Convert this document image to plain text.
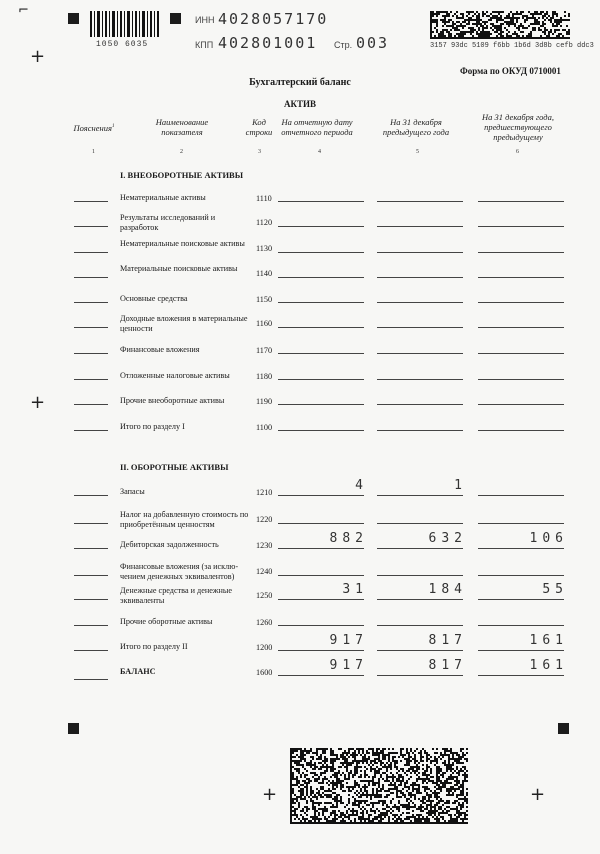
+
+
+	+
⌐
1050 6035
ИНН 4028057170
КПП 402801001 Стр. 003	3157 93dc 5109 f6bb 1b6d 3d8b cefb ddc3
Форма по ОКУД 0710001
Бухгалтерский баланс
АКТИВ
Пояснения$^1$	Наименование показателя
Код строки
На отчетную дату отчетного периода
На 31 декабря предыдущего года
На 31 декабря года, предшествующего предыдущему
1	2	3	4	5	6
I. ВНЕОБОРОТНЫЕ АКТИВЫ
II. ОБОРОТНЫЕ АКТИВЫ
Нематериальные активы	1110
Результаты исследований и разработок
1120
Нематериальные поисковые активы
1130
Материальные поисковые активы
1140
Основные средства	1150
Доходные вложения в материальные ценности
1160
Финансовые вложения	1170
Отложенные налоговые активы	1180
Прочие внеоборотные активы	1190
Итого по разделу I	1100
Запасы	1210	4	1
Налог на добавленную стоимость по приобретённым ценностям
1220
Дебиторская задолженность	1230	882	632	106
Финансовые вложения (за исклю-чением денежных эквивалентов)
1240
Денежные средства и денежные эквиваленты
1250	31	184	55
Прочие оборотные активы	1260
Итого по разделу II	1200	917	817	161
БАЛАНС	1600	917	817	161
